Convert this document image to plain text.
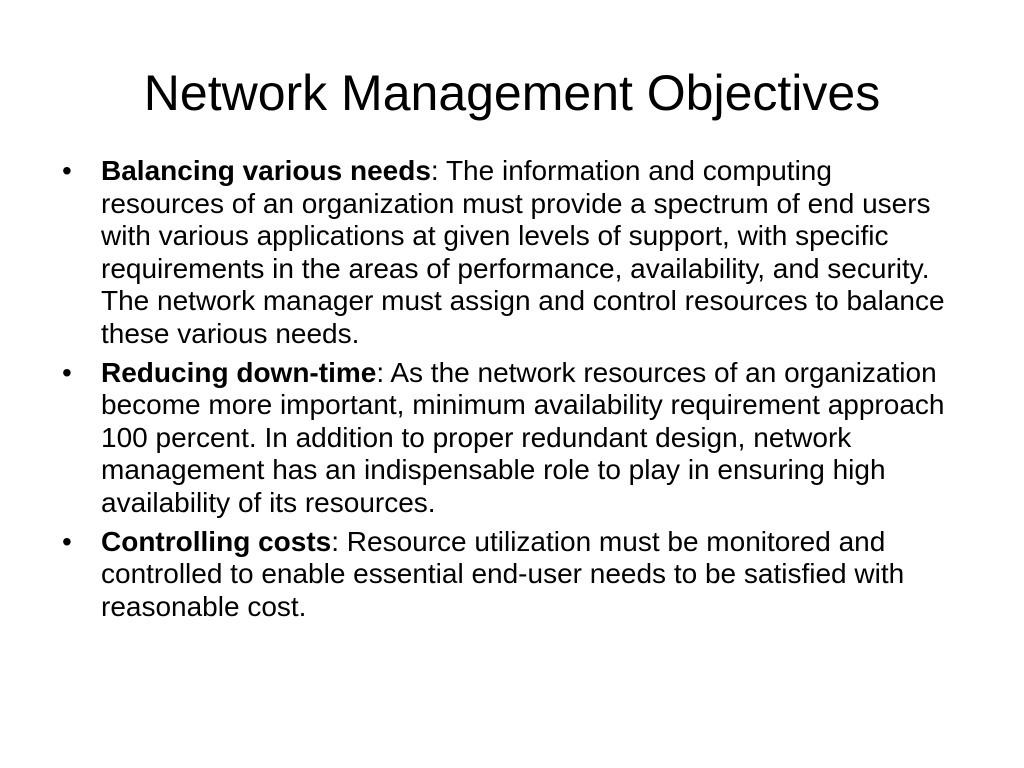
Network Management Objectives
•	Balancing various needs: The information and computing resources of an organization must provide a spectrum of end users with various applications at given levels of support, with specific requirements in the areas of performance, availability, and security. The network manager must assign and control resources to balance these various needs.
•	Reducing down-time: As the network resources of an organization become more important, minimum availability requirement approach 100 percent. In addition to proper redundant design, network management has an indispensable role to play in ensuring high availability of its resources.
•	Controlling costs: Resource utilization must be monitored and controlled to enable essential end-user needs to be satisfied with reasonable cost.
